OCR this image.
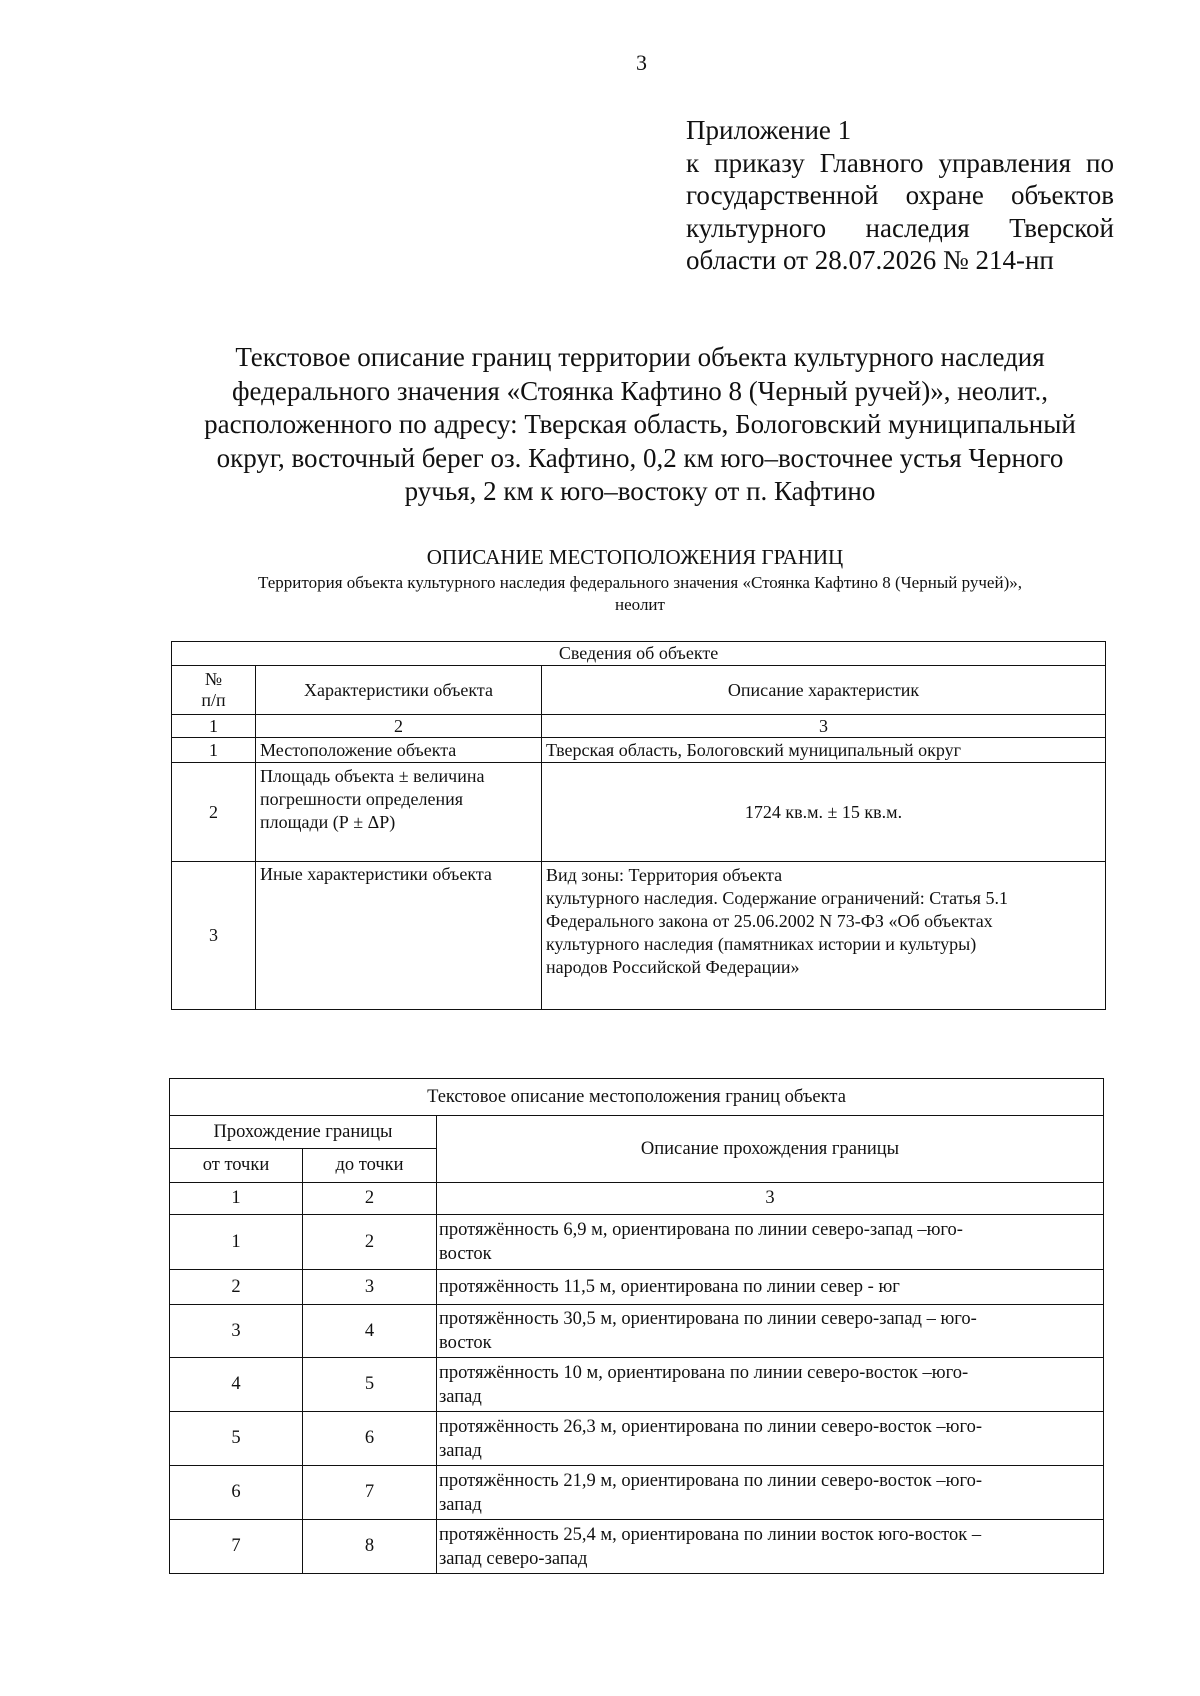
3
Приложение 1
к приказу Главного управления по
государственной охране объектов
культурного наследия Тверской
области от 28.07.2026 № 214-нп
Текстовое описание границ территории объекта культурного наследия
федерального значения «Стоянка Кафтино 8 (Черный ручей)», неолит.,
расположенного по адресу: Тверская область, Бологовский муниципальный
округ, восточный берег оз. Кафтино, 0,2 км юго–восточнее устья Черного
ручья, 2 км к юго–востоку от п. Кафтино
ОПИСАНИЕ МЕСТОПОЛОЖЕНИЯ ГРАНИЦ
Территория объекта культурного наследия федерального значения «Стоянка Кафтино 8 (Черный ручей)»,
неолит
Сведения об объекте		

№
п/п	Характеристики объекта	Описание характеристик
1	2	3
1	Местоположение объекта	Тверская область, Бологовский муниципальный округ
2	Площадь объекта ± величина
погрешности определения
площади (Р ± ΔР)	1724 кв.м. ± 15 кв.м.
3	Иные характеристики объекта	Вид зоны: Территория объекта
культурного наследия. Содержание ограничений: Статья 5.1
Федерального закона от 25.06.2002 N 73-ФЗ «Об объектах
культурного наследия (памятниках истории и культуры)
народов Российской Федерации»
Текстовое описание местоположения границ объекта		
Прохождение границы		Описание прохождения границы
от точки	до точки	
1	2	3
1	2	протяжённость 6,9 м, ориентирована по линии северо-запад –юго-
восток

2	3	протяжённость 11,5 м, ориентирована по линии север - юг

3	4	протяжённость 30,5 м, ориентирована по линии северо-запад – юго-
восток

4	5	протяжённость 10 м, ориентирована по линии северо-восток –юго-
запад

5	6	протяжённость 26,3 м, ориентирована по линии северо-восток –юго-
запад

6	7	протяжённость 21,9 м, ориентирована по линии северо-восток –юго-
запад

7	8	протяжённость 25,4 м, ориентирована по линии восток юго-восток –
запад северо-запад
